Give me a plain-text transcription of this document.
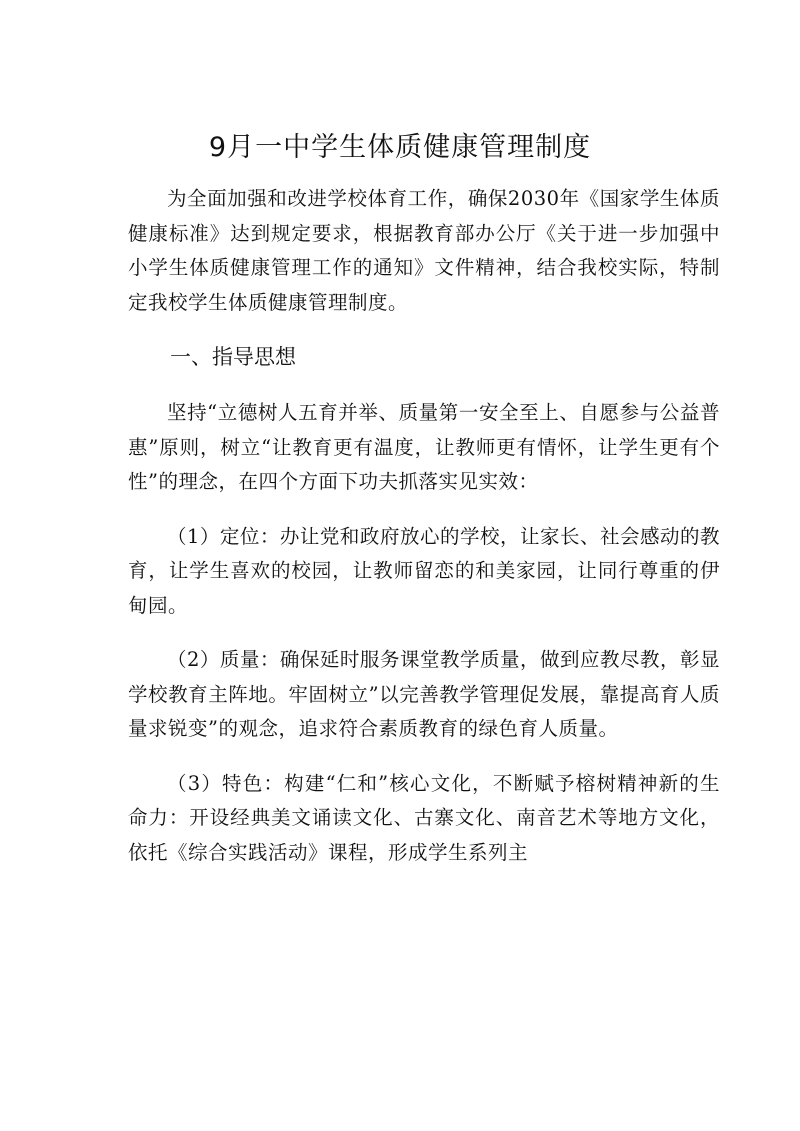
9月一中学生体质健康管理制度

为全面加强和改进学校体育工作，确保2030年《国家学生体质健康标准》达到规定要求，根据教育部办公厅《关于进一步加强中小学生体质健康管理工作的通知》文件精神，结合我校实际，特制定我校学生体质健康管理制度。

一、指导思想

坚持“立德树人五育并举、质量第一安全至上、自愿参与公益普惠”原则，树立“让教育更有温度，让教师更有情怀，让学生更有个性”的理念，在四个方面下功夫抓落实见实效：

（1）定位：办让党和政府放心的学校，让家长、社会感动的教育，让学生喜欢的校园，让教师留恋的和美家园，让同行尊重的伊甸园。

（2）质量：确保延时服务课堂教学质量，做到应教尽教，彰显学校教育主阵地。牢固树立”以完善教学管理促发展，靠提高育人质量求锐变”的观念，追求符合素质教育的绿色育人质量。

（3）特色：构建“仁和”核心文化，不断赋予榕树精神新的生命力：开设经典美文诵读文化、古寨文化、南音艺术等地方文化，依托《综合实践活动》课程，形成学生系列主
